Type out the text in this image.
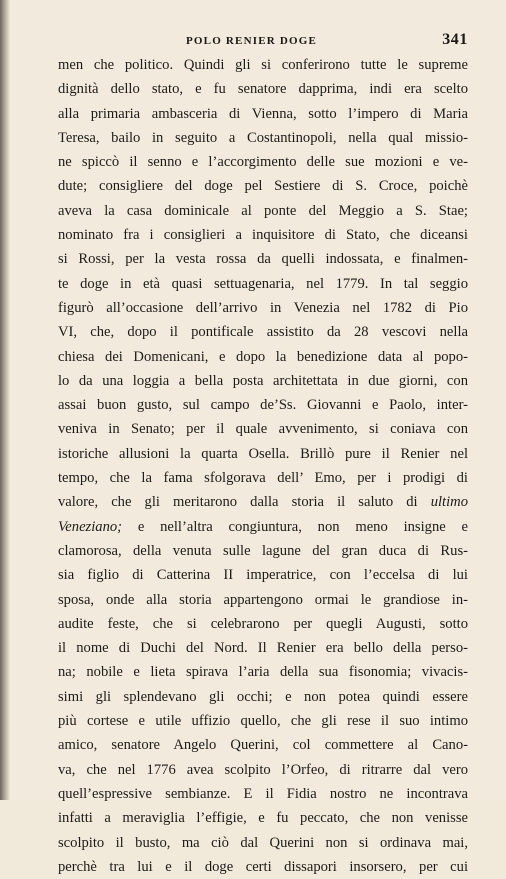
POLO RENIER DOGE	341
men che politico. Quindi gli si conferirono tutte le supreme
dignità dello stato, e fu senatore dapprima, indi era scelto
alla primaria ambasceria di Vienna, sotto l’impero di Maria
Teresa, bailo in seguito a Costantinopoli, nella qual missio-
ne spiccò il senno e l’accorgimento delle sue mozioni e ve-
dute; consigliere del doge pel Sestiere di S. Croce, poichè
aveva la casa dominicale al ponte del Meggio a S. Stae;
nominato fra i consiglieri a inquisitore di Stato, che diceansi
si Rossi, per la vesta rossa da quelli indossata, e finalmen-
te doge in età quasi settuagenaria, nel 1779. In tal seggio
figurò all’occasione dell’arrivo in Venezia nel 1782 di Pio
VI, che, dopo il pontificale assistito da 28 vescovi nella
chiesa dei Domenicani, e dopo la benedizione data al popo-
lo da una loggia a bella posta architettata in due giorni, con
assai buon gusto, sul campo de’Ss. Giovanni e Paolo, inter-
veniva in Senato; per il quale avvenimento, si coniava con
istoriche allusioni la quarta Osella. Brillò pure il Renier nel
tempo, che la fama sfolgorava dell’ Emo, per i prodigi di
valore, che gli meritarono dalla storia il saluto di ultimo
Veneziano; e nell’altra congiuntura, non meno insigne e
clamorosa, della venuta sulle lagune del gran duca di Rus-
sia figlio di Catterina II imperatrice, con l’eccelsa di lui
sposa, onde alla storia appartengono ormai le grandiose in-
audite feste, che si celebrarono per quegli Augusti, sotto
il nome di Duchi del Nord. Il Renier era bello della perso-
na; nobile e lieta spirava l’aria della sua fisonomia; vivacis-
simi gli splendevano gli occhi; e non potea quindi essere
più cortese e utile uffizio quello, che gli rese il suo intimo
amico, senatore Angelo Querini, col commettere al Cano-
va, che nel 1776 avea scolpito l’Orfeo, di ritrarre dal vero
quell’espressive sembianze. E il Fidia nostro ne incontrava
infatti a meraviglia l’effigie, e fu peccato, che non venisse
scolpito il busto, ma ciò dal Querini non si ordinava mai,
perchè tra lui e il doge certi dissapori insorsero, per cui
